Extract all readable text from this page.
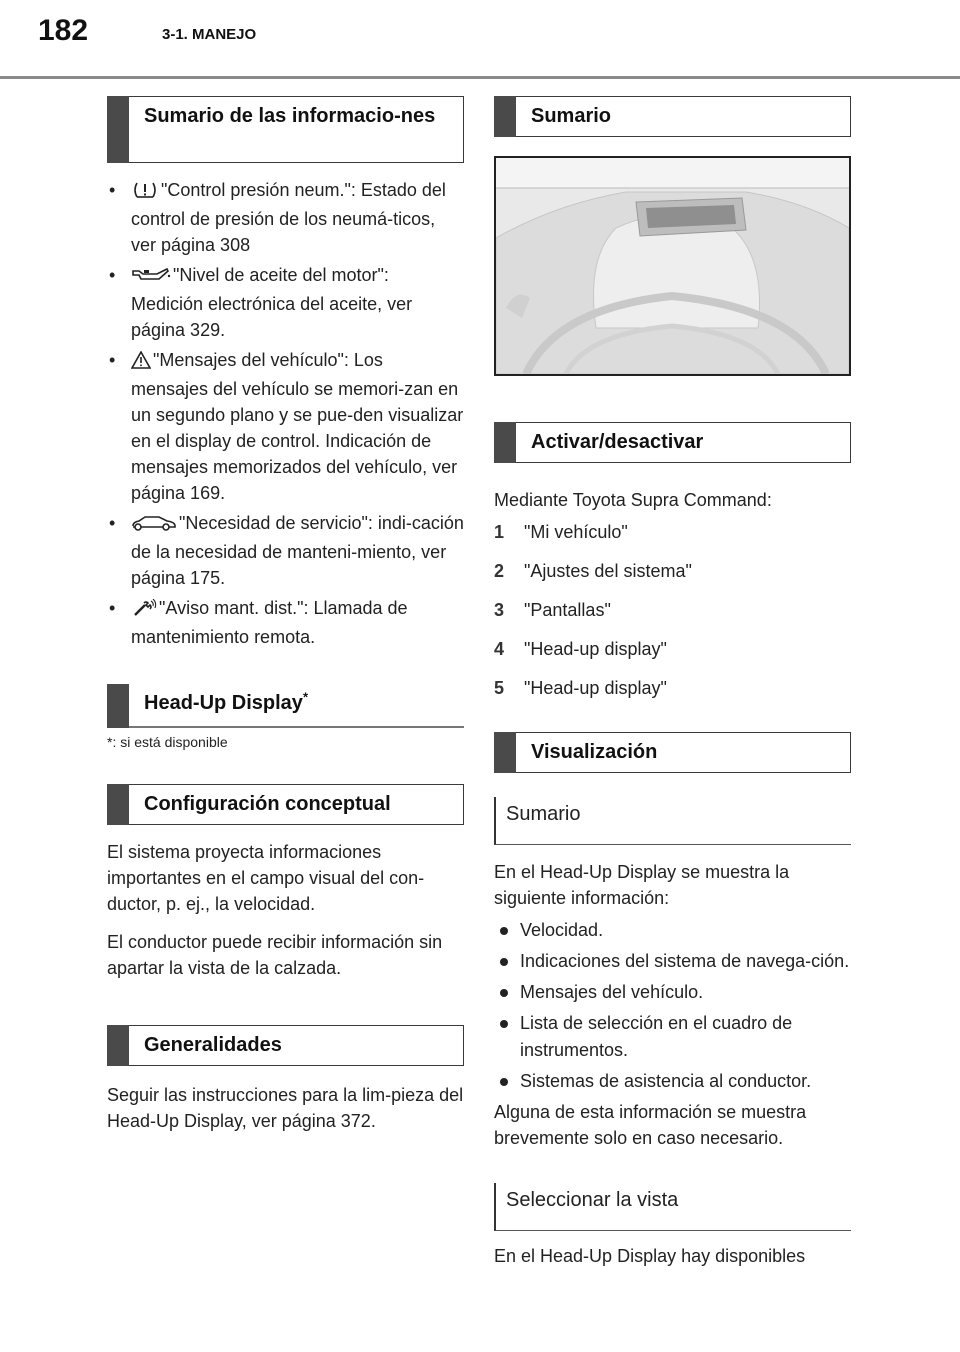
182	3-1. MANEJO
Sumario de las informacio-nes
•	"Control presión neum.": Estado del control de presión de los neumá-ticos, ver página 308
•	"Nivel de aceite del motor": Medición electrónica del aceite, ver página 329.
• "Mensajes del vehículo": Los mensajes del vehículo se memori-zan en un segundo plano y se pue-den visualizar en el display de control. Indicación de mensajes memorizados del vehículo, ver página 169.
•	"Necesidad de servicio": indi-cación de la necesidad de manteni-miento, ver página 175.
• "Aviso mant. dist.": Llamada de mantenimiento remota.
Head-Up Display*
*: si está disponible
Configuración conceptual

El sistema proyecta informaciones importantes en el campo visual del con-ductor, p. ej., la velocidad.

El conductor puede recibir información sin apartar la vista de la calzada.

Generalidades

Seguir las instrucciones para la lim-pieza del Head-Up Display, ver página 372.

Sumario
Activar/desactivar

Mediante Toyota Supra Command:

1 "Mi vehículo"
2 "Ajustes del sistema"
3 "Pantallas"
4 "Head-up display"
5 "Head-up display"
Visualización
Sumario

En el Head-Up Display se muestra la siguiente información:

Velocidad.
Indicaciones del sistema de navega-ción.
Mensajes del vehículo.
Lista de selección en el cuadro de instrumentos.
Sistemas de asistencia al conductor.

Alguna de esta información se muestra brevemente solo en caso necesario.

Seleccionar la vista

En el Head-Up Display hay disponibles
